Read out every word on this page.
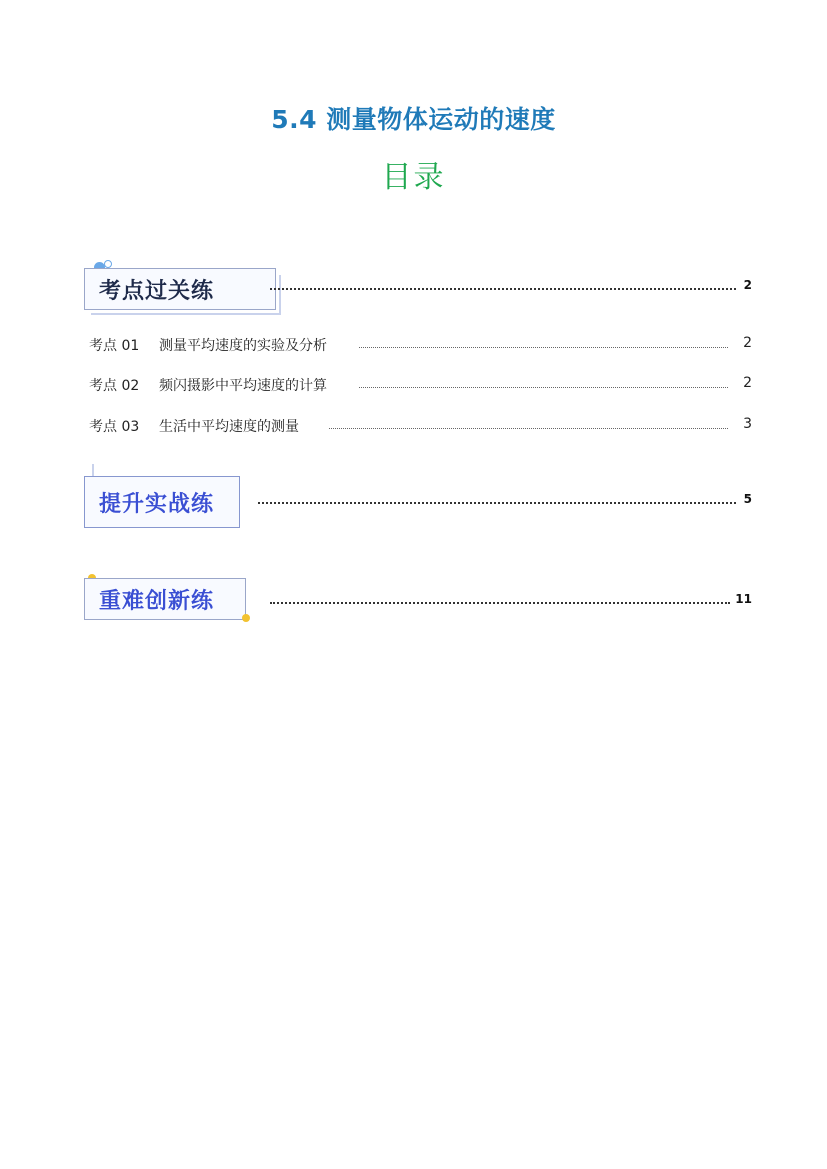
5.4 测量物体运动的速度
目录
考点过关练	2
考点 01 测量平均速度的实验及分析	2
考点 02 频闪摄影中平均速度的计算	2
考点 03 生活中平均速度的测量	3
提升实战练	5
重难创新练	11
